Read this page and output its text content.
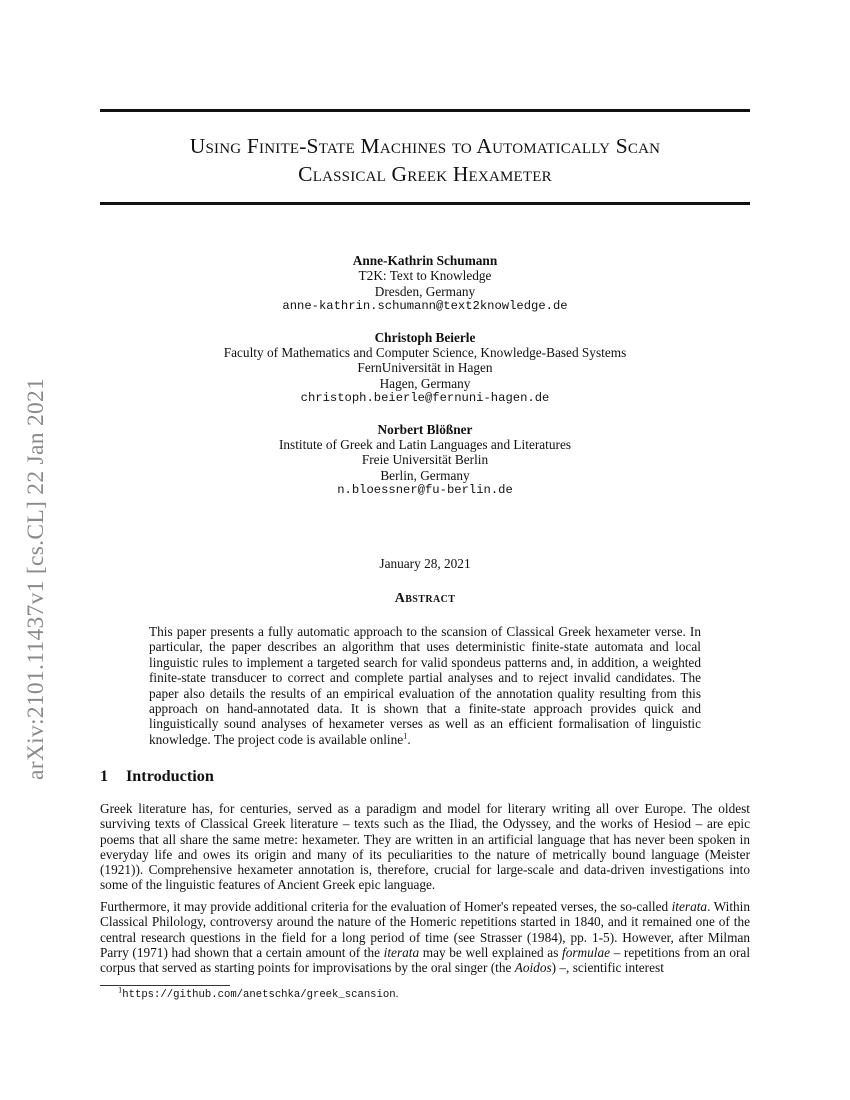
arXiv:2101.11437v1 [cs.CL] 22 Jan 2021
Using Finite-State Machines to Automatically Scan
Classical Greek Hexameter
Anne-Kathrin Schumann
T2K: Text to Knowledge
Dresden, Germany
anne-kathrin.schumann@text2knowledge.de
Christoph Beierle
Faculty of Mathematics and Computer Science, Knowledge-Based Systems
FernUniversität in Hagen
Hagen, Germany
christoph.beierle@fernuni-hagen.de
Norbert Blößner
Institute of Greek and Latin Languages and Literatures
Freie Universität Berlin
Berlin, Germany
n.bloessner@fu-berlin.de
January 28, 2021
Abstract
This paper presents a fully automatic approach to the scansion of Classical Greek hexameter verse. In particular, the paper describes an algorithm that uses deterministic finite-state automata and local linguistic rules to implement a targeted search for valid spondeus patterns and, in addition, a weighted finite-state transducer to correct and complete partial analyses and to reject invalid candidates. The paper also details the results of an empirical evaluation of the annotation quality resulting from this approach on hand-annotated data. It is shown that a finite-state approach provides quick and linguistically sound analyses of hexameter verses as well as an efficient formalisation of linguistic knowledge. The project code is available online$^1$.
1 Introduction
Greek literature has, for centuries, served as a paradigm and model for literary writing all over Europe. The oldest surviving texts of Classical Greek literature – texts such as the Iliad, the Odyssey, and the works of Hesiod – are epic poems that all share the same metre: hexameter. They are written in an artificial language that has never been spoken in everyday life and owes its origin and many of its peculiarities to the nature of metrically bound language (Meister (1921)). Comprehensive hexameter annotation is, therefore, crucial for large-scale and data-driven investigations into some of the linguistic features of Ancient Greek epic language.
Furthermore, it may provide additional criteria for the evaluation of Homer's repeated verses, the so-called iterata. Within Classical Philology, controversy around the nature of the Homeric repetitions started in 1840, and it remained one of the central research questions in the field for a long period of time (see Strasser (1984), pp. 1-5). However, after Milman Parry (1971) had shown that a certain amount of the iterata may be well explained as formulae – repetitions from an oral corpus that served as starting points for improvisations by the oral singer (the Aoidos) –, scientific interest
$^1$https://github.com/anetschka/greek_scansion.
